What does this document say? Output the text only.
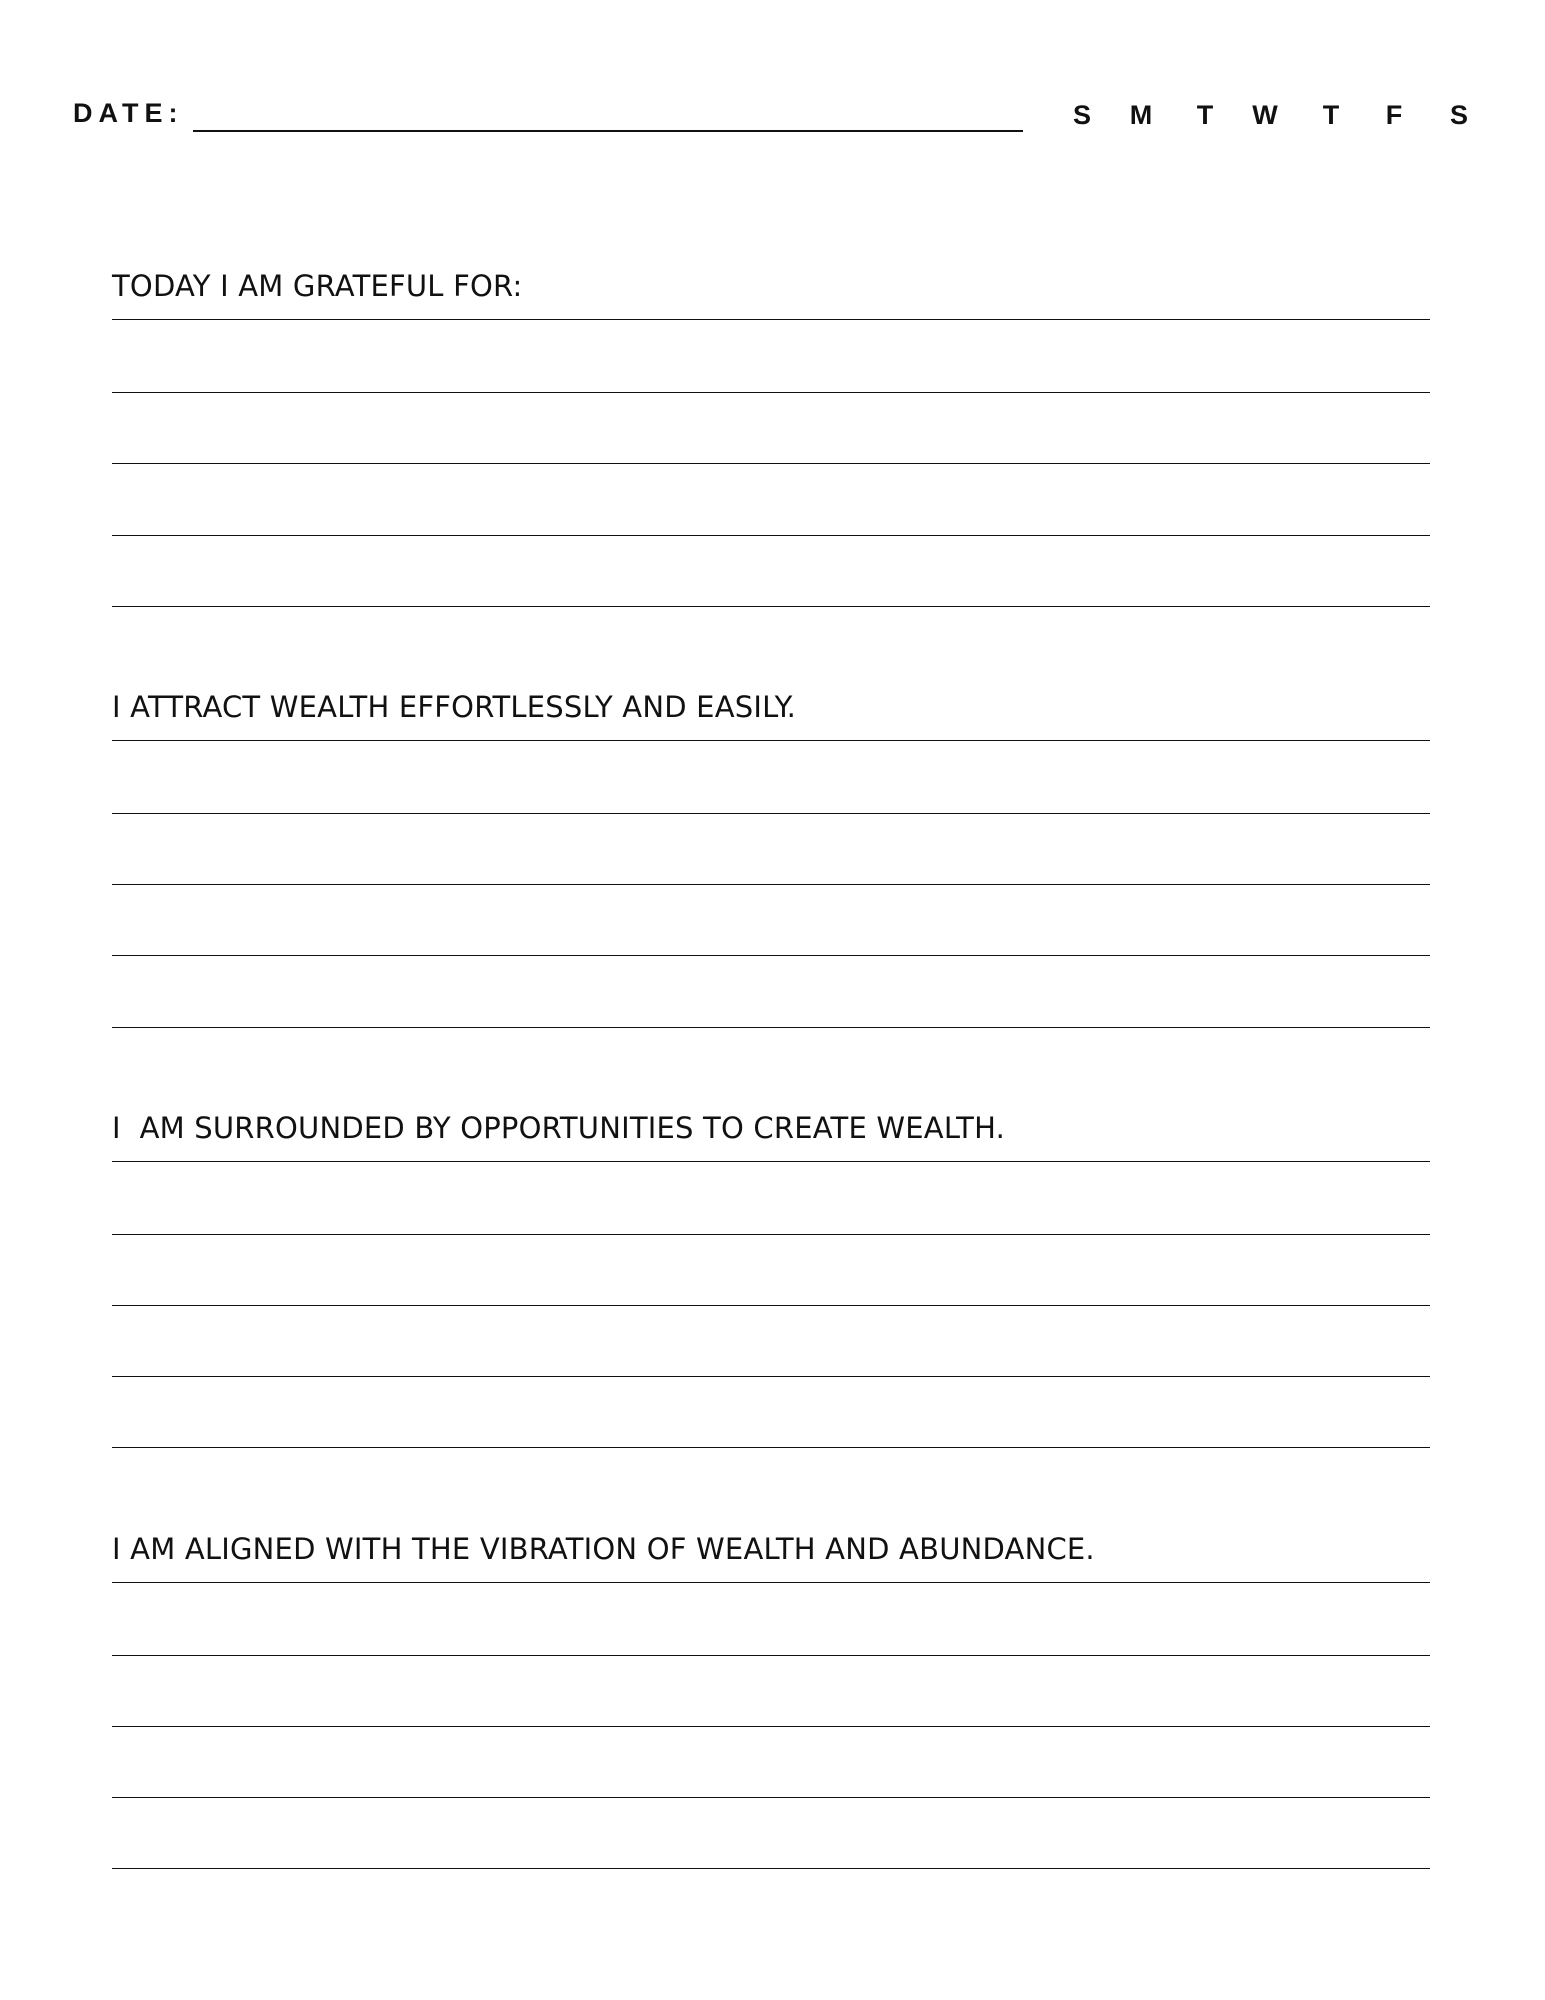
DATE:	S	M	T	W	T	F	S
TODAY I AM GRATEFUL FOR:
I ATTRACT WEALTH EFFORTLESSLY AND EASILY.
I  AM SURROUNDED BY OPPORTUNITIES TO CREATE WEALTH.
I AM ALIGNED WITH THE VIBRATION OF WEALTH AND ABUNDANCE.
